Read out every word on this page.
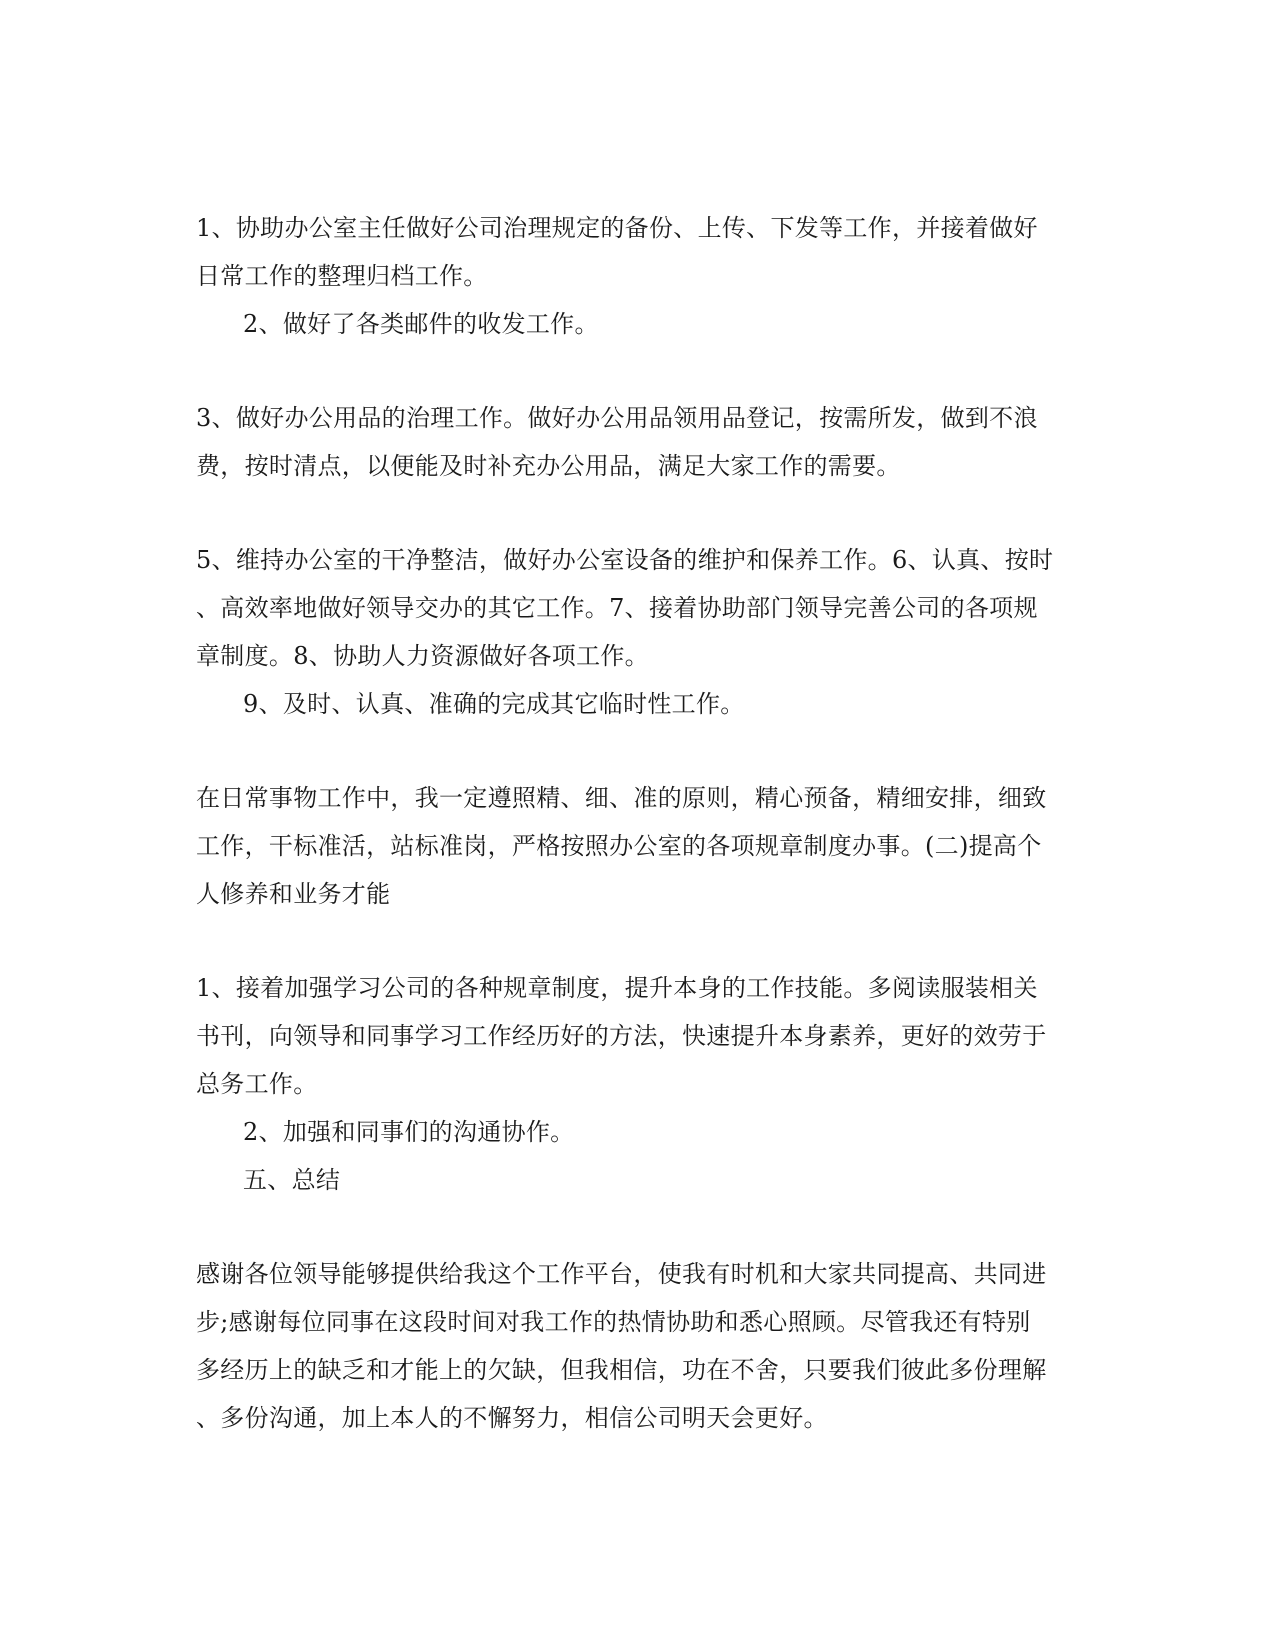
1、协助办公室主任做好公司治理规定的备份、上传、下发等工作，并接着做好
日常工作的整理归档工作。
2、做好了各类邮件的收发工作。
3、做好办公用品的治理工作。做好办公用品领用品登记，按需所发，做到不浪
费，按时清点，以便能及时补充办公用品，满足大家工作的需要。
5、维持办公室的干净整洁，做好办公室设备的维护和保养工作。6、认真、按时
、高效率地做好领导交办的其它工作。7、接着协助部门领导完善公司的各项规
章制度。8、协助人力资源做好各项工作。
9、及时、认真、准确的完成其它临时性工作。
在日常事物工作中，我一定遵照精、细、准的原则，精心预备，精细安排，细致
工作，干标准活，站标准岗，严格按照办公室的各项规章制度办事。(二)提高个
人修养和业务才能
1、接着加强学习公司的各种规章制度，提升本身的工作技能。多阅读服装相关
书刊，向领导和同事学习工作经历好的方法，快速提升本身素养，更好的效劳于
总务工作。
2、加强和同事们的沟通协作。
五、总结
感谢各位领导能够提供给我这个工作平台，使我有时机和大家共同提高、共同进
步;感谢每位同事在这段时间对我工作的热情协助和悉心照顾。尽管我还有特别
多经历上的缺乏和才能上的欠缺，但我相信，功在不舍，只要我们彼此多份理解
、多份沟通，加上本人的不懈努力，相信公司明天会更好。
